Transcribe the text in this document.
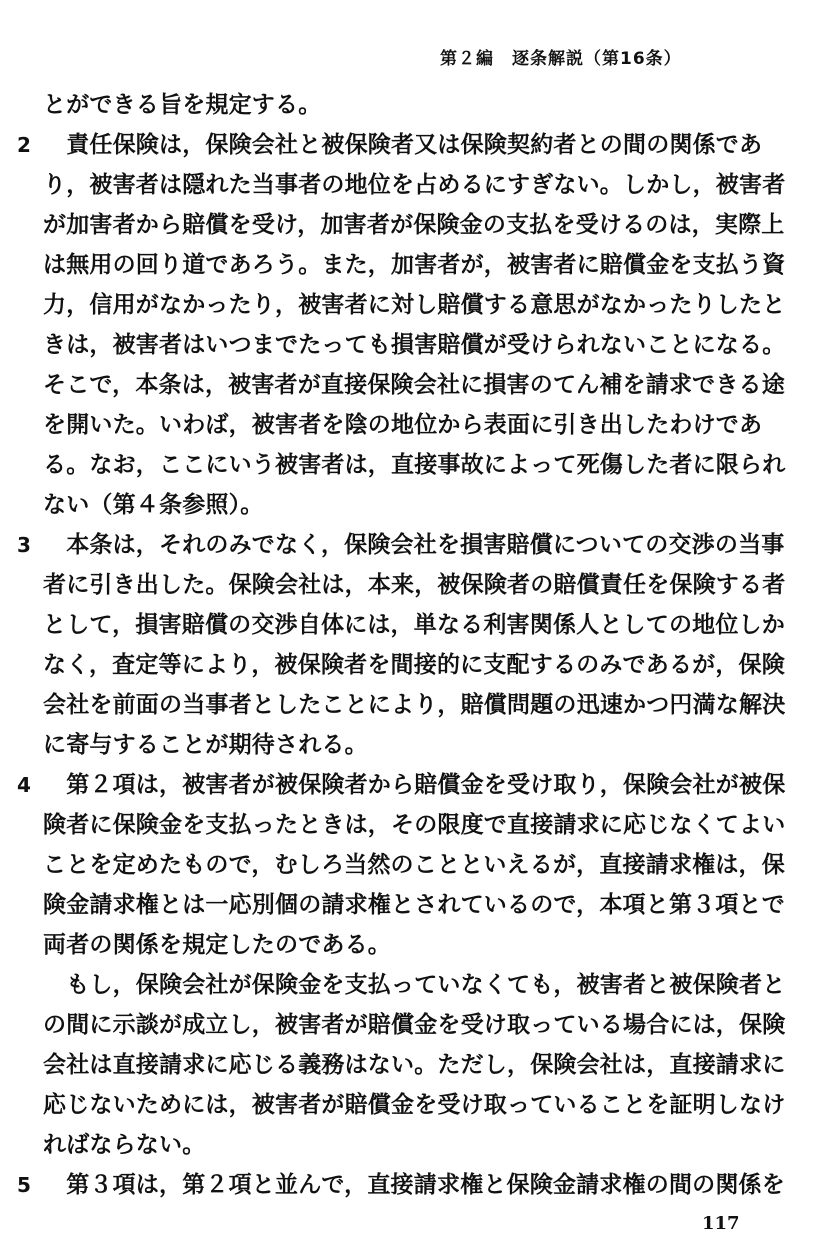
第２編　逐条解説（第16条）
とができる旨を規定する。
2 　責任保険は，保険会社と被保険者又は保険契約者との間の関係であ
り，被害者は隠れた当事者の地位を占めるにすぎない。しかし，被害者
が加害者から賠償を受け，加害者が保険金の支払を受けるのは，実際上
は無用の回り道であろう。また，加害者が，被害者に賠償金を支払う資
力，信用がなかったり，被害者に対し賠償する意思がなかったりしたと
きは，被害者はいつまでたっても損害賠償が受けられないことになる。
そこで，本条は，被害者が直接保険会社に損害のてん補を請求できる途
を開いた。いわば，被害者を陰の地位から表面に引き出したわけであ
る。なお，ここにいう被害者は，直接事故によって死傷した者に限られ
ない（第４条参照）。
3 　本条は，それのみでなく，保険会社を損害賠償についての交渉の当事
者に引き出した。保険会社は，本来，被保険者の賠償責任を保険する者
として，損害賠償の交渉自体には，単なる利害関係人としての地位しか
なく，査定等により，被保険者を間接的に支配するのみであるが，保険
会社を前面の当事者としたことにより，賠償問題の迅速かつ円満な解決
に寄与することが期待される。
4 　第２項は，被害者が被保険者から賠償金を受け取り，保険会社が被保
険者に保険金を支払ったときは，その限度で直接請求に応じなくてよい
ことを定めたもので，むしろ当然のことといえるが，直接請求権は，保
険金請求権とは一応別個の請求権とされているので，本項と第３項とで
両者の関係を規定したのである。
　もし，保険会社が保険金を支払っていなくても，被害者と被保険者と
の間に示談が成立し，被害者が賠償金を受け取っている場合には，保険
会社は直接請求に応じる義務はない。ただし，保険会社は，直接請求に
応じないためには，被害者が賠償金を受け取っていることを証明しなけ
ればならない。
5 　第３項は，第２項と並んで，直接請求権と保険金請求権の間の関係を
117
